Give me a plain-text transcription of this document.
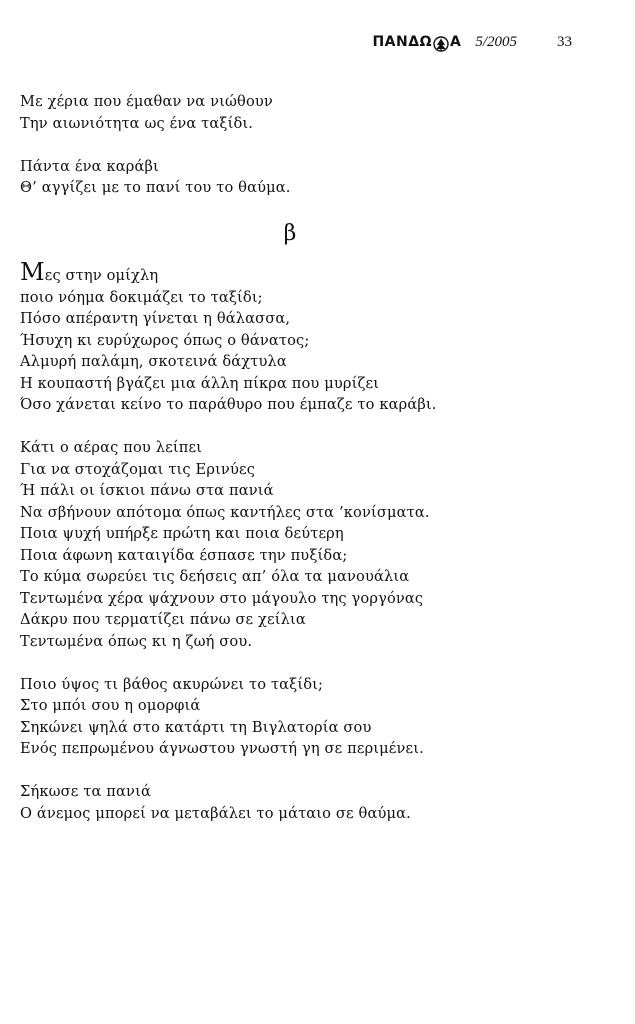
ΠΑΝΔΩ Α 5/2005	33
Με χέρια που έμαθαν να νιώθουν
Την αιωνιότητα ως ένα ταξίδι.
Πάντα ένα καράβι
Θ’ αγγίζει με το πανί του το θαύμα.
β
Μες στην ομίχλη
ποιο νόημα δοκιμάζει το ταξίδι;
Πόσο απέραντη γίνεται η θάλασσα,
Ήσυχη κι ευρύχωρος όπως ο θάνατος;
Αλμυρή παλάμη, σκοτεινά δάχτυλα
Η κουπαστή βγάζει μια άλλη πίκρα που μυρίζει
Όσο χάνεται κείνο το παράθυρο που έμπαζε το καράβι.
Κάτι ο αέρας που λείπει
Για να στοχάζομαι τις Ερινύες
Ή πάλι οι ίσκιοι πάνω στα πανιά
Να σβήνουν απότομα όπως καντήλες στα ’κονίσματα.
Ποια ψυχή υπήρξε πρώτη και ποια δεύτερη
Ποια άφωνη καταιγίδα έσπασε την πυξίδα;
Το κύμα σωρεύει τις δεήσεις απ’ όλα τα μανουάλια
Τεντωμένα χέρα ψάχνουν στο μάγουλο της γοργόνας
Δάκρυ που τερματίζει πάνω σε χείλια
Τεντωμένα όπως κι η ζωή σου.
Ποιο ύψος τι βάθος ακυρώνει το ταξίδι;
Στο μπόι σου η ομορφιά
Σηκώνει ψηλά στο κατάρτι τη Βιγλατορία σου
Ενός πεπρωμένου άγνωστου γνωστή γη σε περιμένει.
Σήκωσε τα πανιά
Ο άνεμος μπορεί να μεταβάλει το μάταιο σε θαύμα.
